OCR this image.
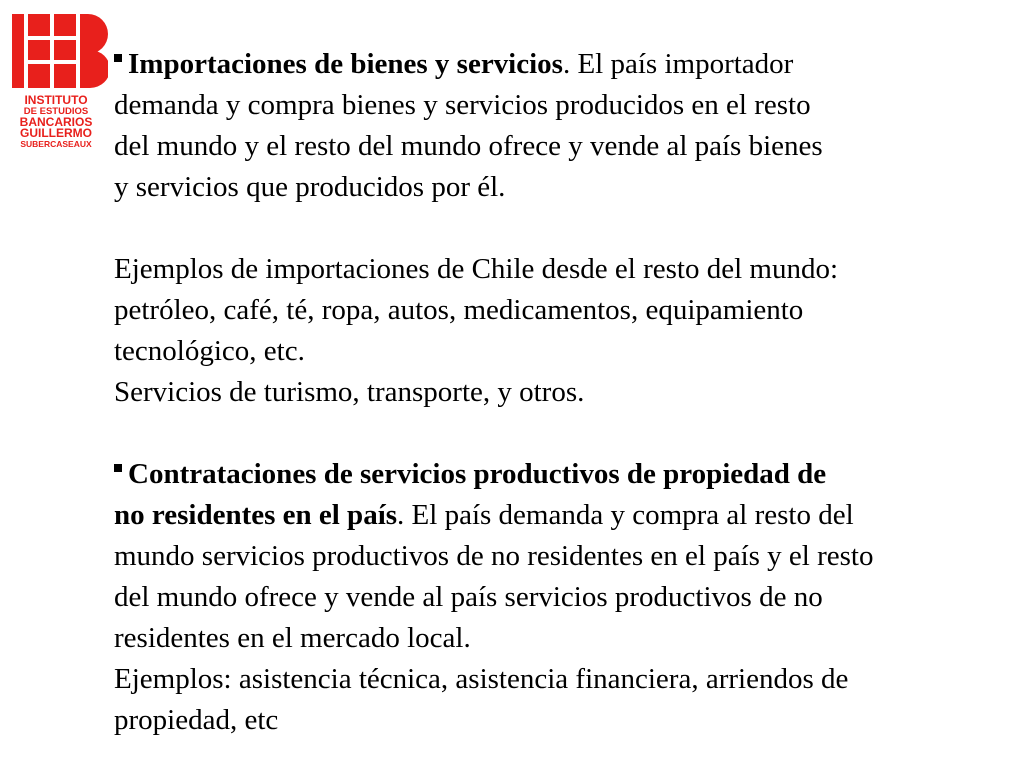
INSTITUTO
DE ESTUDIOS
BANCARIOS
GUILLERMO
SUBERCASEAUX

Importaciones de bienes y servicios. El país importador

demanda y compra bienes y servicios producidos en el resto

del mundo y el resto del mundo ofrece y vende al país bienes

y servicios que producidos por él.

Ejemplos de importaciones de Chile desde el resto del mundo:

petróleo, café, té, ropa, autos, medicamentos, equipamiento

tecnológico, etc.

Servicios de turismo, transporte, y otros.

Contrataciones de servicios productivos de propiedad de

no residentes en el país. El país demanda y compra al resto del

mundo servicios productivos de no residentes en el país y el resto

del mundo ofrece y vende al país servicios productivos de no

residentes en el mercado local.

Ejemplos: asistencia técnica, asistencia financiera, arriendos de

propiedad, etc
